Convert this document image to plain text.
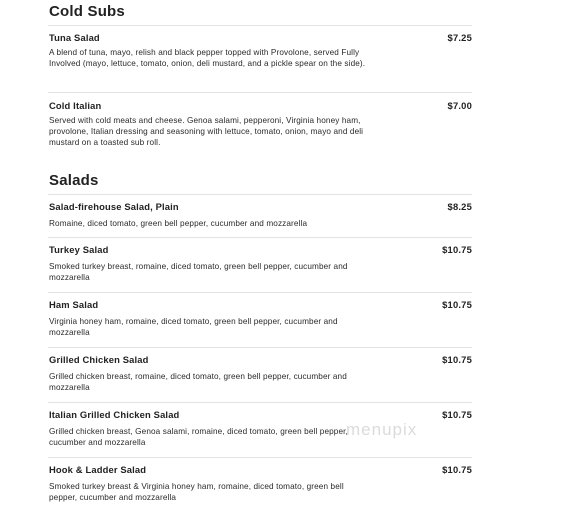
Cold Subs
Tuna Salad	$7.25
A blend of tuna, mayo, relish and black pepper topped with Provolone, served Fully Involved (mayo, lettuce, tomato, onion, deli mustard, and a pickle spear on the side).
Cold Italian	$7.00
Served with cold meats and cheese. Genoa salami, pepperoni, Virginia honey ham, provolone, Italian dressing and seasoning with lettuce, tomato, onion, mayo and deli mustard on a toasted sub roll.
Salads
Salad-firehouse Salad, Plain	$8.25
Romaine, diced tomato, green bell pepper, cucumber and mozzarella
Turkey Salad	$10.75
Smoked turkey breast, romaine, diced tomato, green bell pepper, cucumber and mozzarella
Ham Salad	$10.75
Virginia honey ham, romaine, diced tomato, green bell pepper, cucumber and mozzarella
Grilled Chicken Salad	$10.75
Grilled chicken breast, romaine, diced tomato, green bell pepper, cucumber and mozzarella
Italian Grilled Chicken Salad	$10.75
Grilled chicken breast, Genoa salami, romaine, diced tomato, green bell pepper, cucumber and mozzarella
Hook & Ladder Salad	$10.75
Smoked turkey breast & Virginia honey ham, romaine, diced tomato, green bell pepper, cucumber and mozzarella
menupix
